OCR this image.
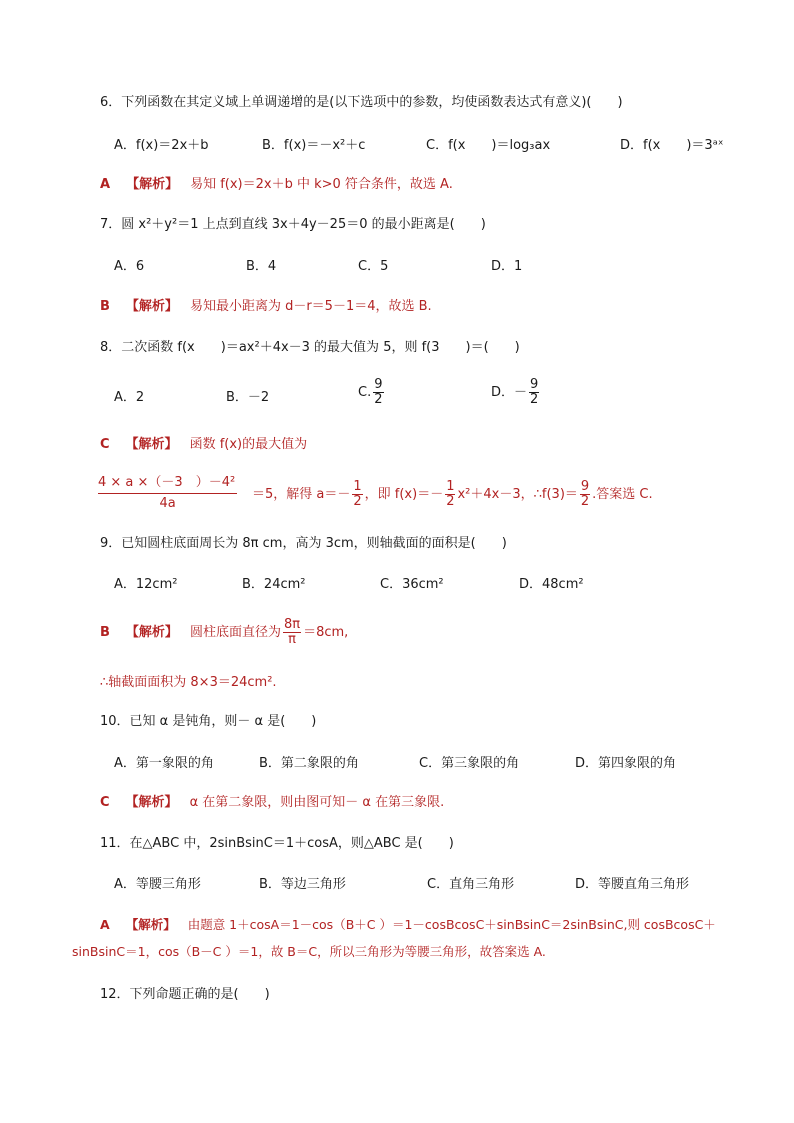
6．下列函数在其定义域上单调递增的是(以下选项中的参数，均使函数表达式有意义)(　　)
A．f(x)＝2x＋b	B．f(x)＝－x²＋c	C．f(x　　)＝log₃ax	D．f(x　　)＝3ᵃˣ
A 【解析】 易知 f(x)＝2x＋b 中 k>0 符合条件，故选 A.
7．圆 x²＋y²＝1 上点到直线 3x＋4y－25＝0 的最小距离是(　　)
A．6	B．4	C．5	D．1
B 【解析】 易知最小距离为 d－r＝5－1＝4，故选 B.
8．二次函数 f(x　　)＝ax²＋4x－3 的最大值为 5，则 f(3　　)＝(　　)
A．2	B．－2	C. $\frac{9}{2}$	D．－ $\frac{9}{2}$
C 【解析】 函数 f(x)的最大值为
$\frac{\text{4 × a ×（－3　）－4²}}{4a} =5$，解得 $a=- \frac{1}{2}$ ，即 $f(x)=- \frac{1}{2} x^2+4x-3$，∴f(3)＝ $\frac{9}{2}$ .答案选 C.
9．已知圆柱底面周长为 8π cm，高为 3cm，则轴截面的面积是(　　)
A．12cm²	B．24cm²	C．36cm²	D．48cm²
B 【解析】 圆柱底面直径为 $\frac{8\pi}{\pi} =8cm$,
∴轴截面面积为 8×3＝24cm².
10．已知 α 是钝角，则－ α 是(　　)
A．第一象限的角	B．第二象限的角	C．第三象限的角	D．第四象限的角
C 【解析】 α 在第二象限，则由图可知－ α 在第三象限.
11．在△ABC 中，2sinBsinC＝1＋cosA，则△ABC 是(　　)
A．等腰三角形	B．等边三角形	C．直角三角形	D．等腰直角三角形
A 【解析】 由题意 1＋cosA＝1－cos（B＋C ）＝1－cosBcosC＋sinBsinC＝2sinBsinC,则 cosBcosC＋
sinBsinC＝1，cos（B－C ）＝1，故 B＝C，所以三角形为等腰三角形，故答案选 A.
12．下列命题正确的是(　　)
